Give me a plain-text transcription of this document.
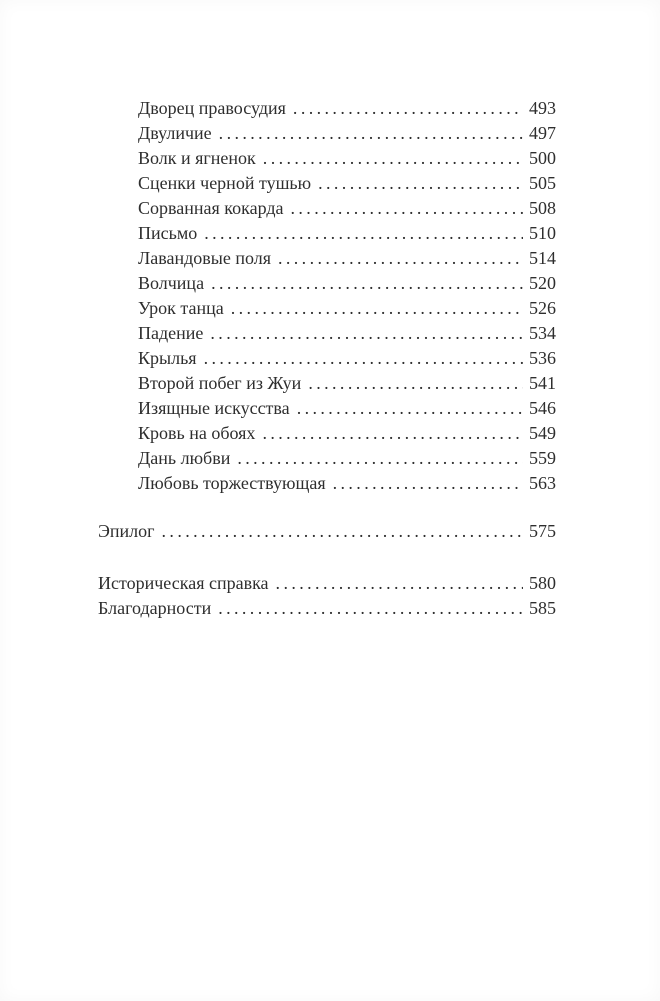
Дворец правосудия .....	493
Двуличие .....	497
Волк и ягненок .....	500
Сценки черной тушью .....	505
Сорванная кокарда .....	508
Письмо .....	510
Лавандовые поля .....	514
Волчица .....	520
Урок танца .....	526
Падение .....	534
Крылья .....	536
Второй побег из Жуи .....	541
Изящные искусства .....	546
Кровь на обоях .....	549
Дань любви .....	559
Любовь торжествующая .....	563
Эпилог .....	575
Историческая справка .....	580
Благодарности .....	585
